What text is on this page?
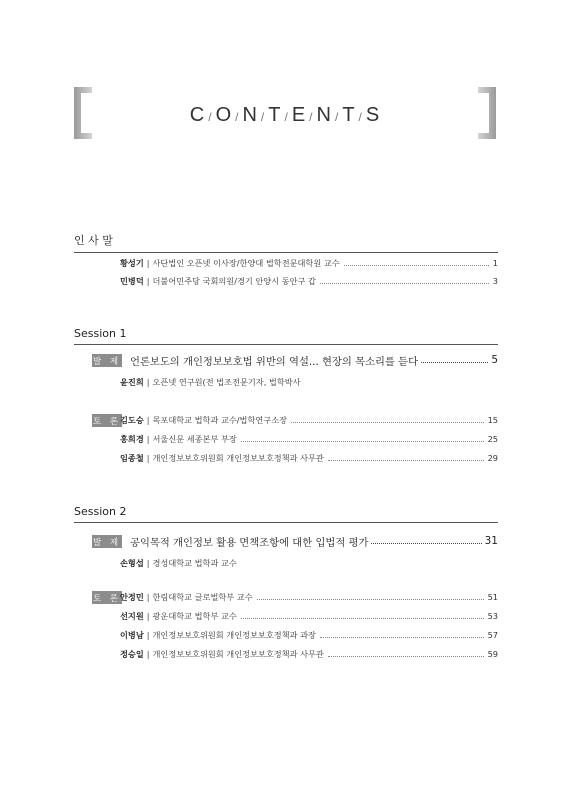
C / O / N / T / E / N / T / S
인 사 말
황성기 | 사단법인 오픈넷 이사장/한양대 법학전문대학원 교수	1
민병덕 | 더불어민주당 국회의원/경기 안양시 동안구 갑	3
Session 1
발 제 언론보도의 개인정보보호법 위반의 역설... 현장의 목소리를 듣다	5
윤진희 | 오픈넷 연구원(전 법조전문기자, 법학박사
토 론
김도승 | 목포대학교 법학과 교수/법학연구소장	15
홍희경 | 서울신문 세종본부 부장	25
임종철 | 개인정보보호위원회 개인정보보호정책과 사무관	29
Session 2
발 제 공익목적 개인정보 활용 면책조항에 대한 입법적 평가	31
손형섭 | 경성대학교 법학과 교수
토 론
안정민 | 한림대학교 글로벌학부 교수	51
선지원 | 광운대학교 법학부 교수	53
이병남 | 개인정보보호위원회 개인정보보호정책과 과장	57
정승일 | 개인정보보호위원회 개인정보보호정책과 사무관	59
